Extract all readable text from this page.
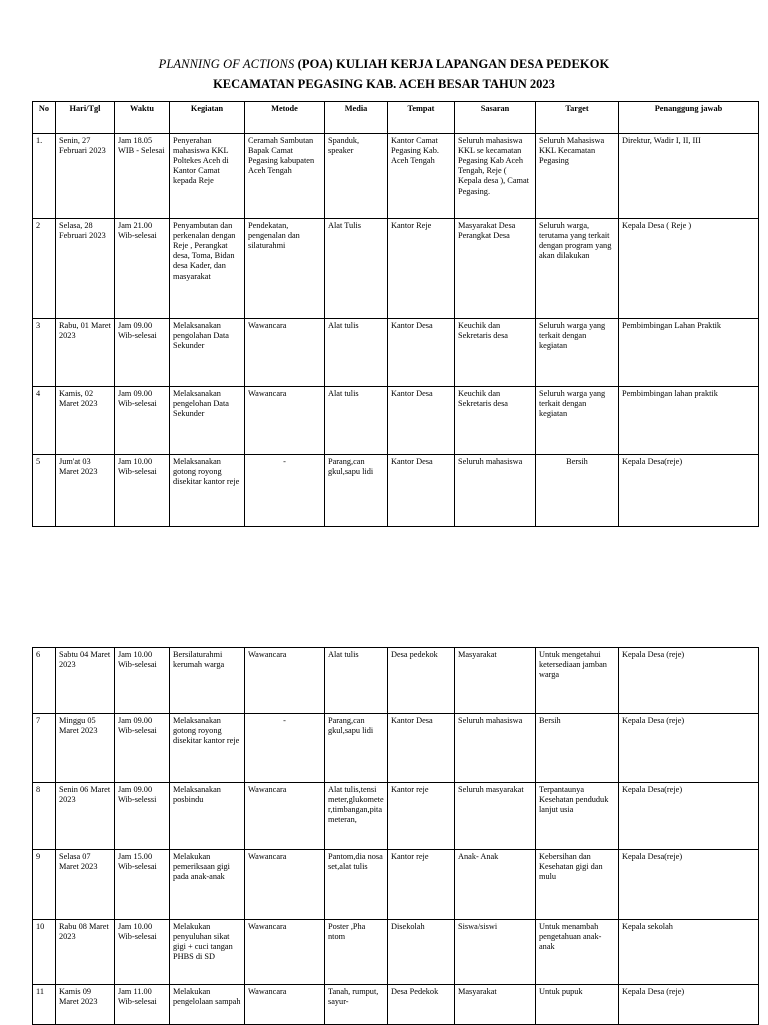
PLANNING OF ACTIONS (POA) KULIAH KERJA LAPANGAN DESA PEDEKOK
KECAMATAN PEGASING KAB. ACEH BESAR TAHUN 2023
No	Hari/Tgl	Waktu	Kegiatan	Metode	Media	Tempat	Sasaran	Target	Penanggung jawab
1.	Senin, 27 Februari 2023	Jam 18.05 WIB - Selesai	Penyerahan mahasiswa KKL Poltekes Aceh di Kantor Camat kepada Reje	Ceramah Sambutan Bapak Camat Pegasing kabupaten Aceh Tengah	Spanduk, speaker	Kantor Camat Pegasing Kab. Aceh Tengah	Seluruh mahasiswa KKL se kecamatan Pegasing Kab Aceh Tengah, Reje ( Kepala desa ), Camat Pegasing.	Seluruh Mahasiswa KKL Kecamatan Pegasing	Direktur, Wadir I, II, III
2	Selasa, 28 Februari 2023	Jam 21.00 Wib-selesai	Penyambutan dan perkenalan dengan Reje , Perangkat desa, Toma, Bidan desa Kader, dan masyarakat	Pendekatan, pengenalan dan silaturahmi	Alat Tulis	Kantor Reje	Masyarakat Desa Perangkat Desa	Seluruh warga, terutama yang terkait dengan program yang akan dilakukan	Kepala Desa ( Reje )
3	Rabu, 01 Maret 2023	Jam 09.00 Wib-selesai	Melaksanakan pengolahan Data Sekunder	Wawancara	Alat tulis	Kantor Desa	Keuchik dan Sekretaris desa	Seluruh warga yang terkait dengan kegiatan	Pembimbingan Lahan Praktik
4	Kamis, 02 Maret 2023	Jam 09.00 Wib-selesai	Melaksanakan pengelohan Data Sekunder	Wawancara	Alat tulis	Kantor Desa	Keuchik dan Sekretaris desa	Seluruh warga yang terkait dengan kegiatan	Pembimbingan lahan praktik
5	Jum'at 03 Maret 2023	Jam 10.00 Wib-selesai	Melaksanakan gotong royong disekitar kantor reje	-	Parang,can gkul,sapu lidi	Kantor Desa	Seluruh mahasiswa	Bersih	Kepala Desa(reje)
6	Sabtu 04 Maret 2023	Jam 10.00 Wib-selesai	Bersilaturahmi kerumah warga	Wawancara	Alat tulis	Desa pedekok	Masyarakat	Untuk mengetahui ketersediaan jamban warga	Kepala Desa (reje)
7	Minggu 05 Maret 2023	Jam 09.00 Wib-selesai	Melaksanakan gotong royong disekitar kantor reje	-	Parang,can gkul,sapu lidi	Kantor Desa	Seluruh mahasiswa	Bersih	Kepala Desa (reje)
8	Senin 06 Maret 2023	Jam 09.00 Wib-selessi	Melaksanakan posbindu	Wawancara	Alat tulis,tensi meter,glukometer,timbangan,pita meteran,	Kantor reje	Seluruh masyarakat	Terpantaunya Kesehatan penduduk lanjut usia	Kepala Desa(reje)
9	Selasa 07 Maret 2023	Jam 15.00 Wib-selesai	Melakukan pemeriksaan gigi pada anak-anak	Wawancara	Pantom,dia nosa set,alat tulis	Kantor reje	Anak- Anak	Kebersihan dan Kesehatan gigi dan mulu	Kepala Desa(reje)
10	Rabu 08 Maret 2023	Jam 10.00 Wib-selesai	Melakukan penyuluhan sikat gigi + cuci tangan PHBS di SD	Wawancara	Poster ,Pha ntom	Disekolah	Siswa/siswi	Untuk menambah pengetahuan anak-anak	Kepala sekolah
11	Kamis 09 Maret 2023	Jam 11.00 Wib-selesai	Melakukan pengelolaan sampah	Wawancara	Tanah, rumput, sayur-	Desa Pedekok	Masyarakat	Untuk pupuk	Kepala Desa (reje)
